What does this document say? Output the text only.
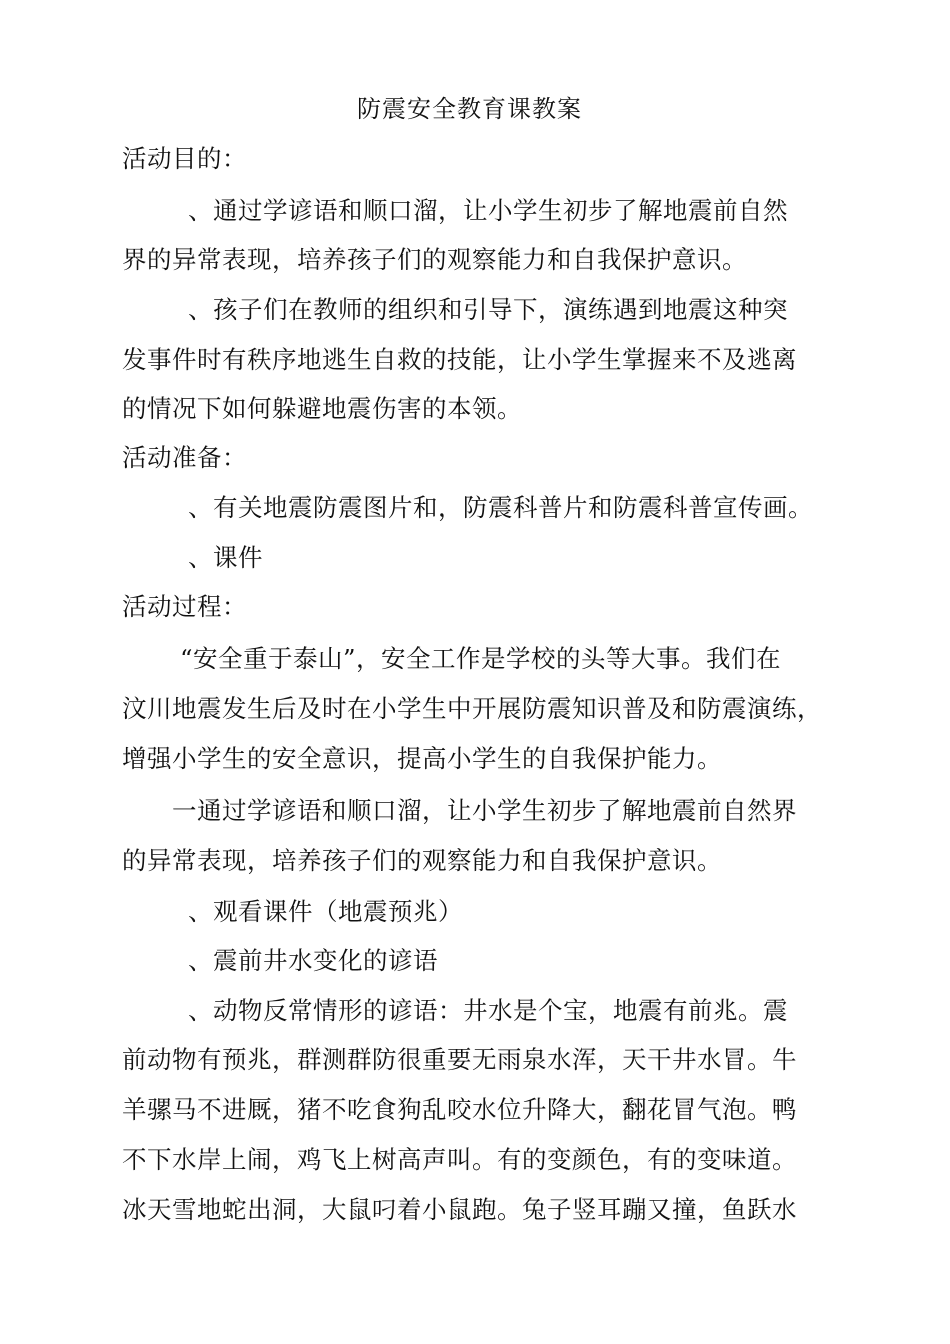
防震安全教育课教案
活动目的：
、通过学谚语和顺口溜，让小学生初步了解地震前自然
界的异常表现，培养孩子们的观察能力和自我保护意识。
、孩子们在教师的组织和引导下，演练遇到地震这种突
发事件时有秩序地逃生自救的技能，让小学生掌握来不及逃离
的情况下如何躲避地震伤害的本领。
活动准备：
、有关地震防震图片和，防震科普片和防震科普宣传画。
、课件
活动过程：
“安全重于泰山”，安全工作是学校的头等大事。我们在
汶川地震发生后及时在小学生中开展防震知识普及和防震演练，
增强小学生的安全意识，提高小学生的自我保护能力。
一通过学谚语和顺口溜，让小学生初步了解地震前自然界
的异常表现，培养孩子们的观察能力和自我保护意识。
、观看课件（地震预兆）
、震前井水变化的谚语
、动物反常情形的谚语：井水是个宝，地震有前兆。震
前动物有预兆，群测群防很重要无雨泉水浑，天干井水冒。牛
羊骡马不进厩，猪不吃食狗乱咬水位升降大，翻花冒气泡。鸭
不下水岸上闹，鸡飞上树高声叫。有的变颜色，有的变味道。
冰天雪地蛇出洞，大鼠叼着小鼠跑。兔子竖耳蹦又撞，鱼跃水
